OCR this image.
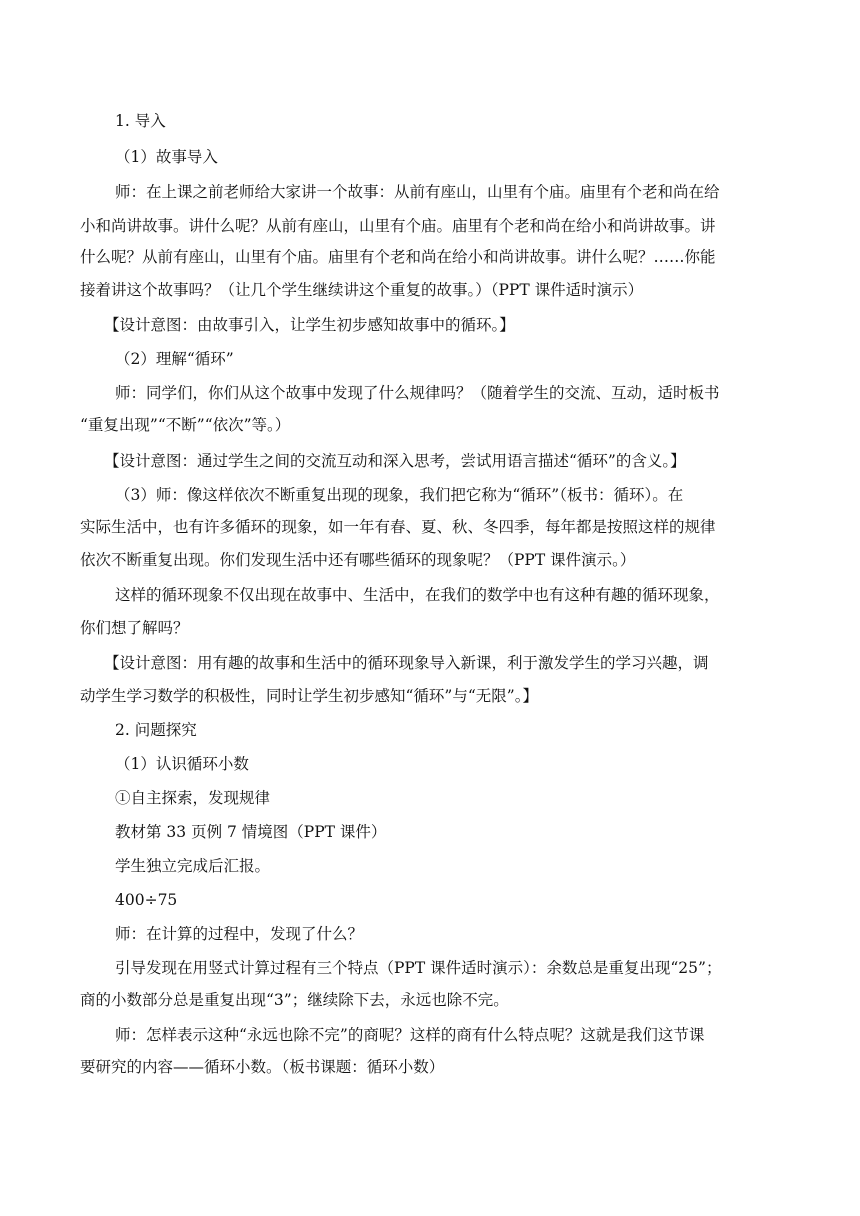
1. 导入
（1）故事导入
师：在上课之前老师给大家讲一个故事：从前有座山，山里有个庙。庙里有个老和尚在给
小和尚讲故事。讲什么呢？从前有座山，山里有个庙。庙里有个老和尚在给小和尚讲故事。讲
什么呢？从前有座山，山里有个庙。庙里有个老和尚在给小和尚讲故事。讲什么呢？……你能
接着讲这个故事吗？（让几个学生继续讲这个重复的故事。）（PPT 课件适时演示）
【设计意图：由故事引入，让学生初步感知故事中的循环。】
（2）理解“循环”
师：同学们，你们从这个故事中发现了什么规律吗？（随着学生的交流、互动，适时板书
“重复出现”“不断”“依次”等。）
【设计意图：通过学生之间的交流互动和深入思考，尝试用语言描述“循环”的含义。】
（3）师：像这样依次不断重复出现的现象，我们把它称为“循环”（板书：循环）。在
实际生活中，也有许多循环的现象，如一年有春、夏、秋、冬四季，每年都是按照这样的规律
依次不断重复出现。你们发现生活中还有哪些循环的现象呢？（PPT 课件演示。）
这样的循环现象不仅出现在故事中、生活中，在我们的数学中也有这种有趣的循环现象，
你们想了解吗？
【设计意图：用有趣的故事和生活中的循环现象导入新课，利于激发学生的学习兴趣，调
动学生学习数学的积极性，同时让学生初步感知“循环”与“无限”。】
2. 问题探究
（1）认识循环小数
①自主探索，发现规律
教材第 33 页例 7 情境图（PPT 课件）
学生独立完成后汇报。
400÷75
师：在计算的过程中，发现了什么？
引导发现在用竖式计算过程有三个特点（PPT 课件适时演示）：余数总是重复出现“25”；
商的小数部分总是重复出现“3”；继续除下去，永远也除不完。
师：怎样表示这种“永远也除不完”的商呢？这样的商有什么特点呢？这就是我们这节课
要研究的内容——循环小数。（板书课题：循环小数）
